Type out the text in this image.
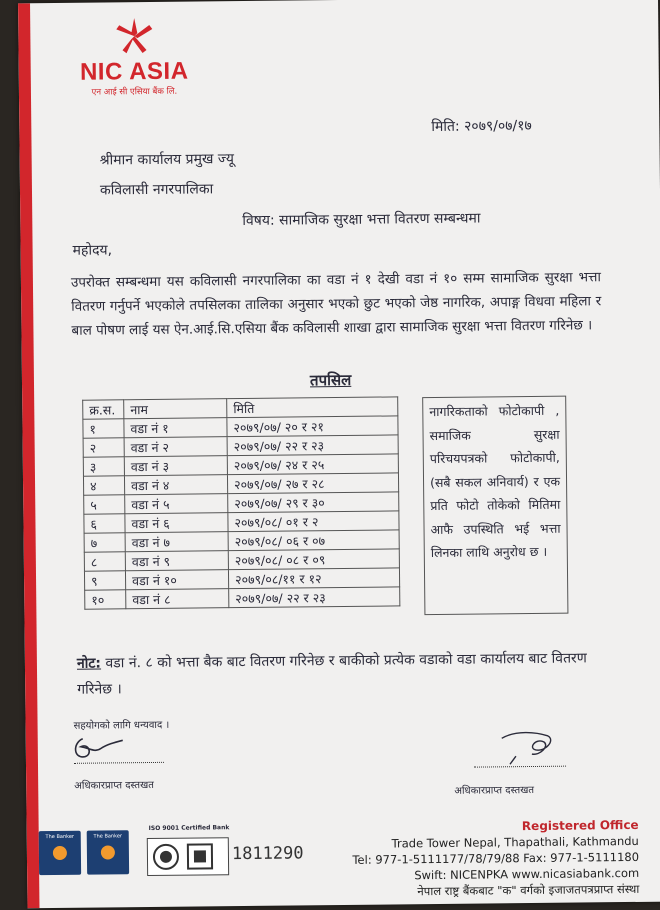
NIC ASIA
एन आई सी एसिया बैंक लि.
मिति: २०७९/०७/१७
श्रीमान कार्यालय प्रमुख ज्यू
कविलासी नगरपालिका
विषय: सामाजिक सुरक्षा भत्ता वितरण सम्बन्धमा
महोदय,
उपरोक्त सम्बन्धमा यस कविलासी नगरपालिका का वडा नं १ देखी वडा नं १० सम्म सामाजिक सुरक्षा भत्ता वितरण गर्नुपर्ने भएकोले तपसिलका तालिका अनुसार भएको छुट भएको जेष्ठ नागरिक, अपाङ्ग विधवा महिला र बाल पोषण लाई यस ऐन.आई.सि.एसिया बैंक कविलासी शाखा द्वारा सामाजिक सुरक्षा भत्ता वितरण गरिनेछ ।
तपसिल
क्र.स.	नाम	मिति
१	वडा नं १	२०७९/०७/ २० र २१
२	वडा नं २	२०७९/०७/ २२ र २३
३	वडा नं ३	२०७९/०७/ २४ र २५
४	वडा नं ४	२०७९/०७/ २७ र २८
५	वडा नं ५	२०७९/०७/ २९ र ३०
६	वडा नं ६	२०७९/०८/ ०१ र २
७	वडा नं ७	२०७९/०८/ ०६ र ०७
८	वडा नं ९	२०७९/०८/ ०८ र ०९
९	वडा नं १०	२०७९/०८/११ र १२
१०	वडा नं ८	२०७९/०७/ २२ र २३
नागरिकताको फोटोकापी , समाजिक सुरक्षा परिचयपत्रको फोटोकापी, (सबै सकल अनिवार्य) र एक प्रति फोटो तोकेको मितिमा आफै उपस्थिति भई भत्ता लिनका लाथि अनुरोध छ ।
नोट: वडा नं. ८ को भत्ता बैक बाट वितरण गरिनेछ र बाकीको प्रत्येक वडाको वडा कार्यालय बाट वितरण गरिनेछ ।
सहयोगको लागि धन्यवाद ।
अधिकारप्राप्त दस्तखत	अधिकारप्राप्त दस्तखत
The Banker	The Banker
ISO 9001 Certified Bank
1811290
Registered Office
Trade Tower Nepal, Thapathali, Kathmandu
Tel: 977-1-5111177/78/79/88 Fax: 977-1-5111180
Swift: NICENPKA www.nicasiabank.com
नेपाल राष्ट्र बैंकबाट "क" वर्गको इजाजतपत्रप्राप्त संस्था
